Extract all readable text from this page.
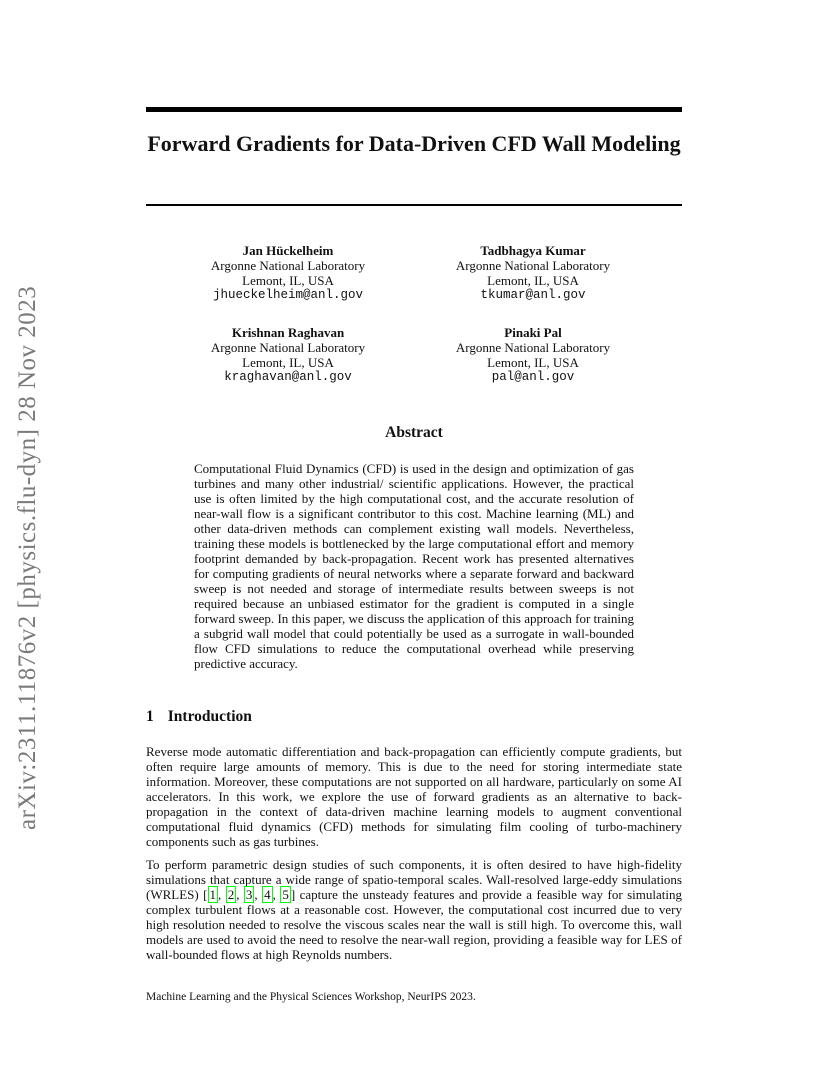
arXiv:2311.11876v2 [physics.flu-dyn] 28 Nov 2023
Forward Gradients for Data-Driven CFD Wall Modeling
Jan Hückelheim
Argonne National Laboratory
Lemont, IL, USA
jhueckelheim@anl.gov
Tadbhagya Kumar
Argonne National Laboratory
Lemont, IL, USA
tkumar@anl.gov
Krishnan Raghavan
Argonne National Laboratory
Lemont, IL, USA
kraghavan@anl.gov
Pinaki Pal
Argonne National Laboratory
Lemont, IL, USA
pal@anl.gov
Abstract
Computational Fluid Dynamics (CFD) is used in the design and optimization of gas turbines and many other industrial/ scientific applications. However, the practical use is often limited by the high computational cost, and the accurate resolution of near-wall flow is a significant contributor to this cost. Machine learning (ML) and other data-driven methods can complement existing wall models. Nevertheless, training these models is bottlenecked by the large computational effort and memory footprint demanded by back-propagation. Recent work has presented alternatives for computing gradients of neural networks where a separate forward and backward sweep is not needed and storage of intermediate results between sweeps is not required because an unbiased estimator for the gradient is computed in a single forward sweep. In this paper, we discuss the application of this approach for training a subgrid wall model that could potentially be used as a surrogate in wall-bounded flow CFD simulations to reduce the computational overhead while preserving predictive accuracy.
1 Introduction
Reverse mode automatic differentiation and back-propagation can efficiently compute gradients, but often require large amounts of memory. This is due to the need for storing intermediate state information. Moreover, these computations are not supported on all hardware, particularly on some AI accelerators. In this work, we explore the use of forward gradients as an alternative to back-propagation in the context of data-driven machine learning models to augment conventional computational fluid dynamics (CFD) methods for simulating film cooling of turbo-machinery components such as gas turbines.
To perform parametric design studies of such components, it is often desired to have high-fidelity simulations that capture a wide range of spatio-temporal scales. Wall-resolved large-eddy simulations (WRLES) [ 1 , 2 , 3 , 4 , 5 ] capture the unsteady features and provide a feasible way for simulating complex turbulent flows at a reasonable cost. However, the computational cost incurred due to very high resolution needed to resolve the viscous scales near the wall is still high. To overcome this, wall models are used to avoid the need to resolve the near-wall region, providing a feasible way for LES of wall-bounded flows at high Reynolds numbers.
Machine Learning and the Physical Sciences Workshop, NeurIPS 2023.
